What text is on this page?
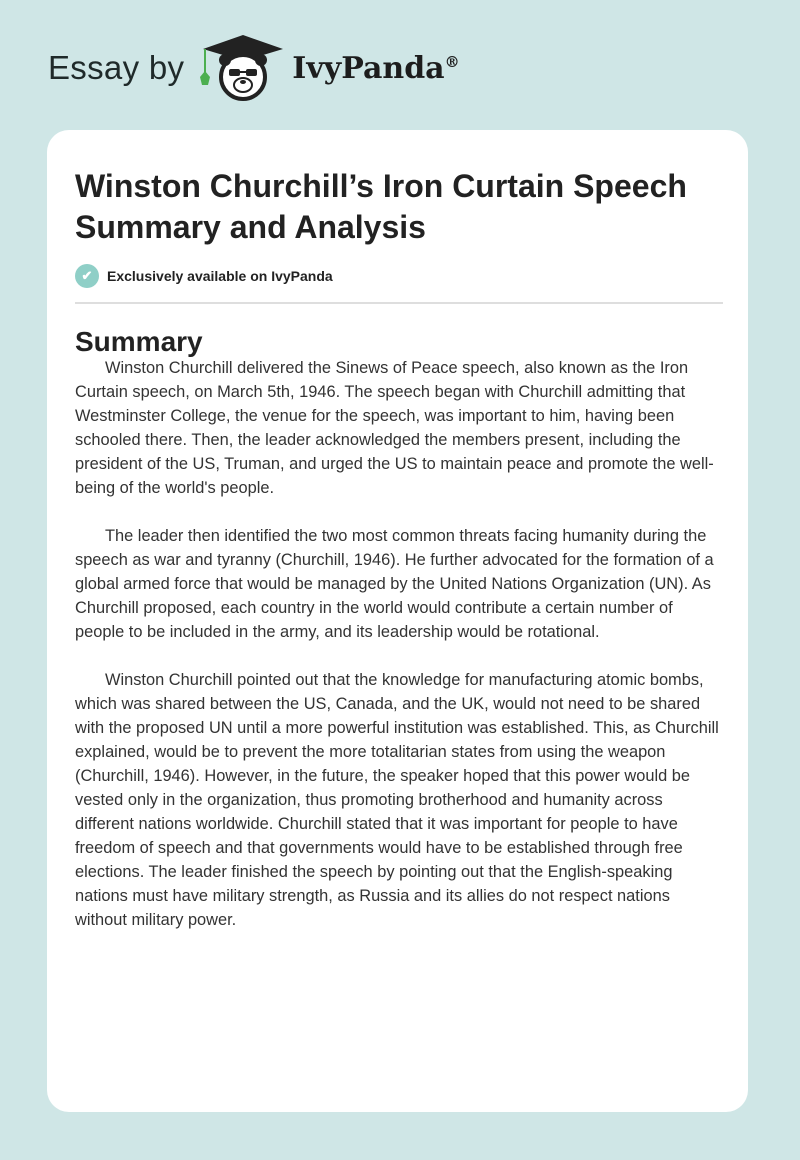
Essay by	IvyPanda®
Winston Churchill’s Iron Curtain Speech Summary and Analysis
✔	Exclusively available on IvyPanda
Summary

Winston Churchill delivered the Sinews of Peace speech, also known as the Iron Curtain speech, on March 5th, 1946. The speech began with Churchill admitting that Westminster College, the venue for the speech, was important to him, having been schooled there. Then, the leader acknowledged the members present, including the president of the US, Truman, and urged the US to maintain peace and promote the well-being of the world's people.

The leader then identified the two most common threats facing humanity during the speech as war and tyranny (Churchill, 1946). He further advocated for the formation of a global armed force that would be managed by the United Nations Organization (UN). As Churchill proposed, each country in the world would contribute a certain number of people to be included in the army, and its leadership would be rotational.

Winston Churchill pointed out that the knowledge for manufacturing atomic bombs, which was shared between the US, Canada, and the UK, would not need to be shared with the proposed UN until a more powerful institution was established. This, as Churchill explained, would be to prevent the more totalitarian states from using the weapon (Churchill, 1946). However, in the future, the speaker hoped that this power would be vested only in the organization, thus promoting brotherhood and humanity across different nations worldwide. Churchill stated that it was important for people to have freedom of speech and that governments would have to be established through free elections. The leader finished the speech by pointing out that the English-speaking nations must have military strength, as Russia and its allies do not respect nations without military power.
